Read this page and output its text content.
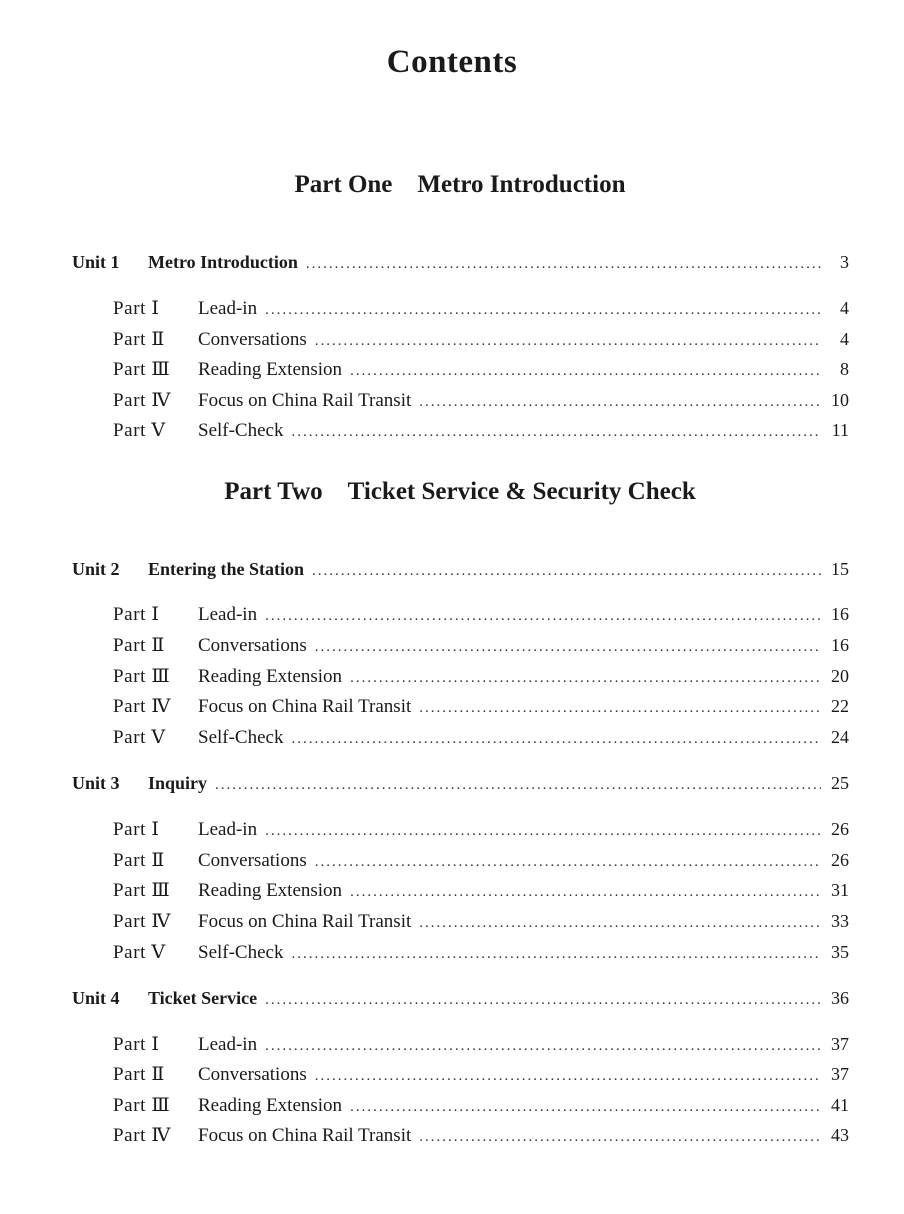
Contents
Part One　Metro Introduction
Unit 1	Metro Introduction .....	3
Part Ⅰ	Lead-in .....	4
Part Ⅱ	Conversations .....	4
Part Ⅲ	Reading Extension .....	8
Part Ⅳ	Focus on China Rail Transit .....	10
Part Ⅴ	Self-Check .....	11
Part Two　Ticket Service & Security Check
Unit 2	Entering the Station .....	15
Part Ⅰ	Lead-in .....	16
Part Ⅱ	Conversations .....	16
Part Ⅲ	Reading Extension .....	20
Part Ⅳ	Focus on China Rail Transit .....	22
Part Ⅴ	Self-Check .....	24
Unit 3	Inquiry .....	25
Part Ⅰ	Lead-in .....	26
Part Ⅱ	Conversations .....	26
Part Ⅲ	Reading Extension .....	31
Part Ⅳ	Focus on China Rail Transit .....	33
Part Ⅴ	Self-Check .....	35
Unit 4	Ticket Service .....	36
Part Ⅰ	Lead-in .....	37
Part Ⅱ	Conversations .....	37
Part Ⅲ	Reading Extension .....	41
Part Ⅳ	Focus on China Rail Transit .....	43
